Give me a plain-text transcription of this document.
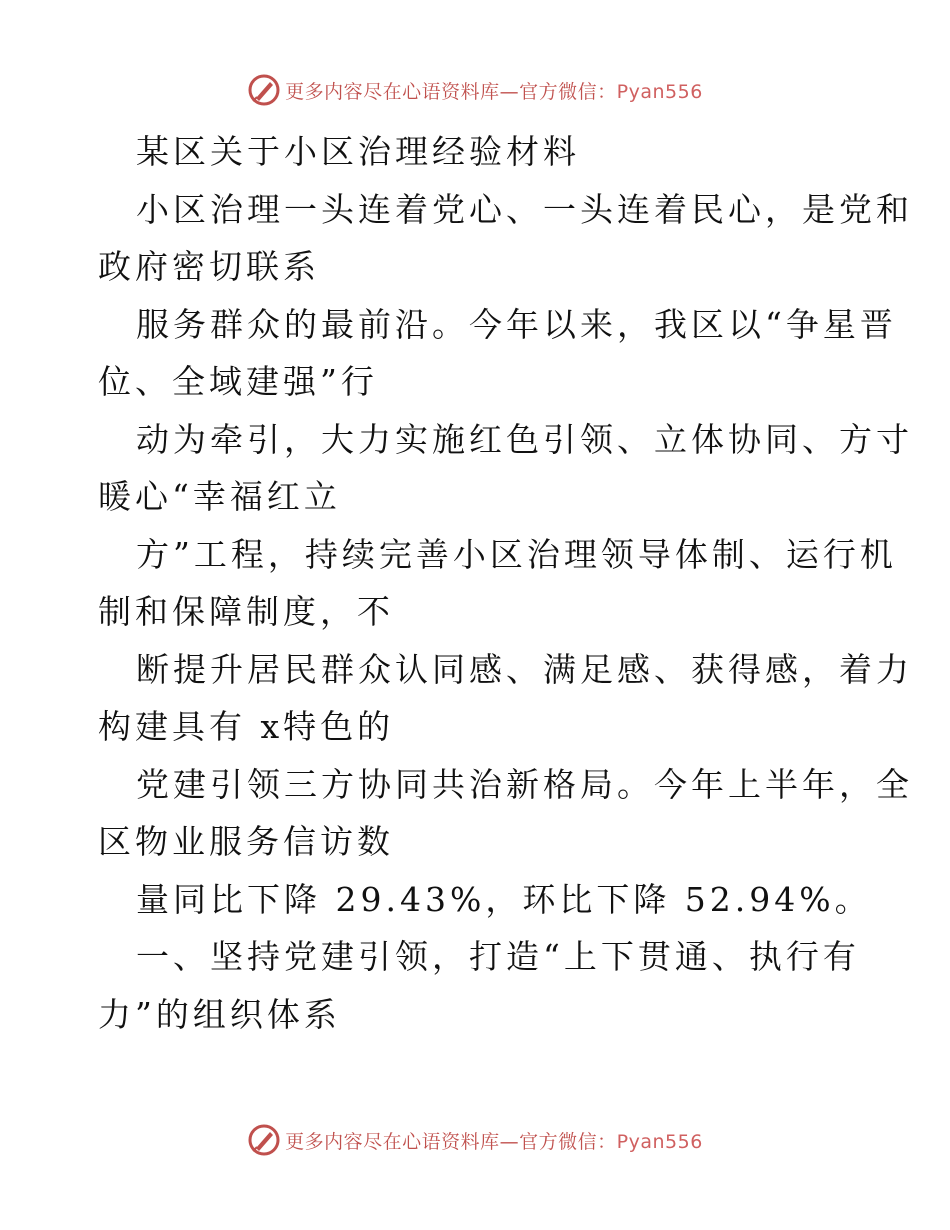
更多内容尽在心语资料库—官方微信：Pyan556
某区关于小区治理经验材料
小区治理一头连着党心、一头连着民心，是党和
政府密切联系
服务群众的最前沿。今年以来，我区以“争星晋
位、全域建强”行
动为牵引，大力实施红色引领、立体协同、方寸
暖心“幸福红立
方”工程，持续完善小区治理领导体制、运行机
制和保障制度，不
断提升居民群众认同感、满足感、获得感，着力
构建具有 x特色的
党建引领三方协同共治新格局。今年上半年，全
区物业服务信访数
量同比下降 29.43%，环比下降 52.94%。
一、坚持党建引领，打造“上下贯通、执行有
力”的组织体系
更多内容尽在心语资料库—官方微信：Pyan556
